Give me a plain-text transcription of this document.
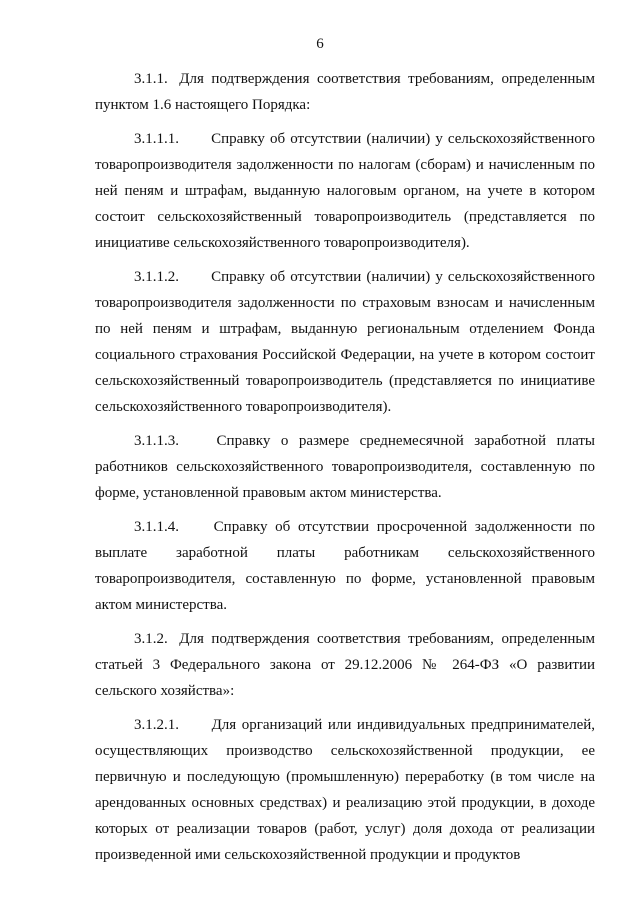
6

3.1.1. Для подтверждения соответствия требованиям, определенным пунктом 1.6 настоящего Порядка:

3.1.1.1. Справку об отсутствии (наличии) у сельскохозяйственного товаропроизводителя задолженности по налогам (сборам) и начисленным по ней пеням и штрафам, выданную налоговым органом, на учете в котором состоит сельскохозяйственный товаропроизводитель (представляется по инициативе сельскохозяйственного товаропроизводителя).

3.1.1.2. Справку об отсутствии (наличии) у сельскохозяйственного товаропроизводителя задолженности по страховым взносам и начисленным по ней пеням и штрафам, выданную региональным отделением Фонда социального страхования Российской Федерации, на учете в котором состоит сельскохозяйственный товаропроизводитель (представляется по инициативе сельскохозяйственного товаропроизводителя).

3.1.1.3.	Справку о размере среднемесячной заработной платы работников сельскохозяйственного товаропроизводителя, составленную по форме, установленной правовым актом министерства.

3.1.1.4. Справку об отсутствии просроченной задолженности по выплате заработной платы работникам сельскохозяйственного товаропроизводителя, составленную по форме, установленной правовым актом министерства.

3.1.2. Для подтверждения соответствия требованиям, определенным статьей 3 Федерального закона от 29.12.2006 № 264-ФЗ «О развитии сельского хозяйства»:

3.1.2.1. Для организаций или индивидуальных предпринимателей, осуществляющих производство сельскохозяйственной продукции, ее первичную и последующую (промышленную) переработку (в том числе на арендованных основных средствах) и реализацию этой продукции, в доходе которых от реализации товаров (работ, услуг) доля дохода от реализации произведенной ими сельскохозяйственной продукции и продуктов
